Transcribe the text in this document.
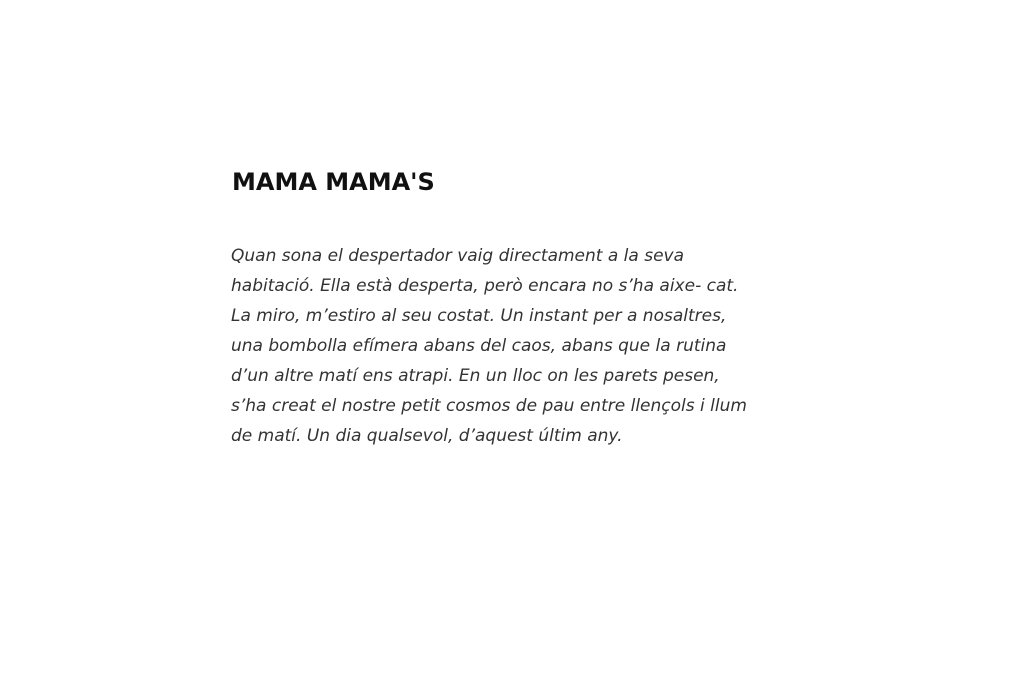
MAMA MAMA'S

Quan sona el despertador vaig directament a la seva
habitació. Ella està desperta, però encara no s’ha aixe- cat.
La miro, m’estiro al seu costat. Un instant per a nosaltres,
una bombolla efímera abans del caos, abans que la rutina
d’un altre matí ens atrapi. En un lloc on les parets pesen,
s’ha creat el nostre petit cosmos de pau entre llençols i llum
de matí. Un dia qualsevol, d’aquest últim any.
